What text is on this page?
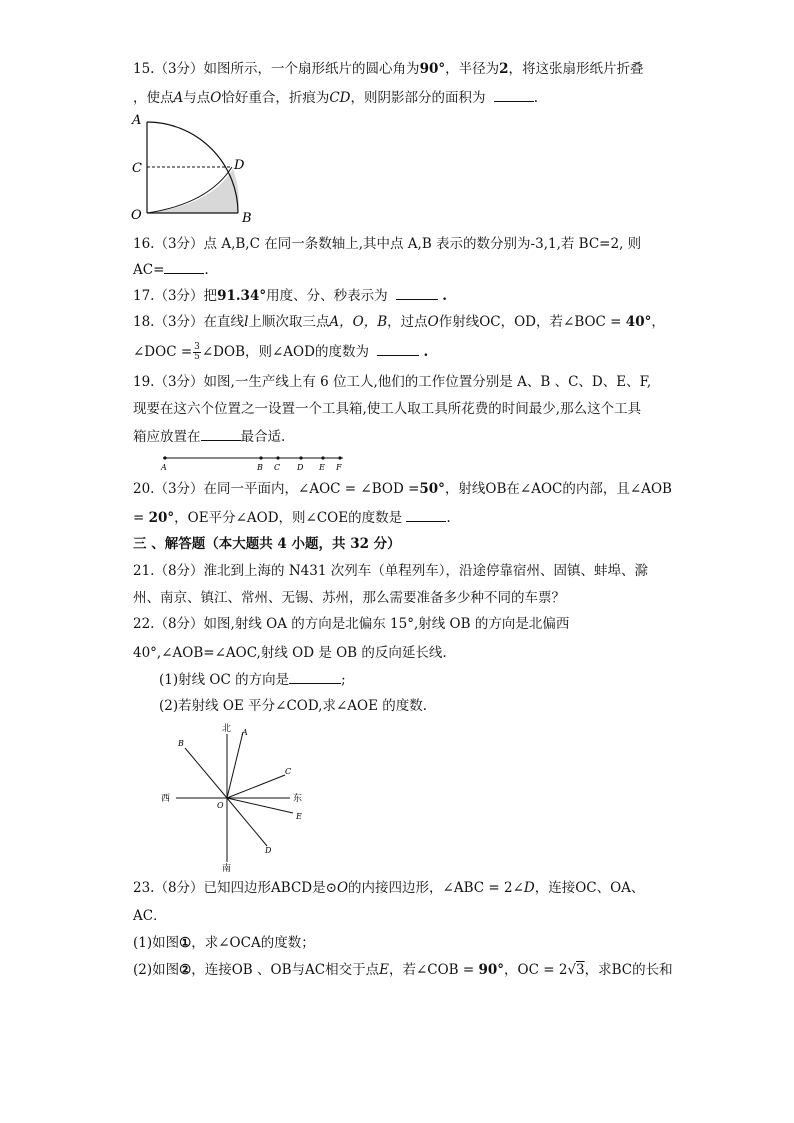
15.（3分）如图所示，一个扇形纸片的圆心角为90°，半径为2，将这张扇形纸片折叠
，使点A与点O恰好重合，折痕为CD，则阴影部分的面积为	.
A
C	D
O	B
16.（3分）点 A,B,C 在同一条数轴上,其中点 A,B 表示的数分别为-3,1,若 BC=2, 则
AC=	.
17.（3分）把91.34°用度、分、秒表示为	.
18.（3分）在直线l上顺次取三点A，O，B，过点O作射线OC，OD，若∠BOC = 40°，
∠DOC = $\frac{3}{5}$ ∠DOB，则∠AOD的度数为	.
19.（3分）如图,一生产线上有 6 位工人,他们的工作位置分别是 A、B 、C、D、E、F,
现要在这六个位置之一设置一个工具箱,使工人取工具所花费的时间最少,那么这个工具
箱应放置在	最合适.
A	B C D E F
20.（3分）在同一平面内，∠AOC = ∠BOD =50°，射线OB在∠AOC的内部，且∠AOB
= 20°，OE平分∠AOD，则∠COE的度数是	.
三 、解答题（本大题共 4 小题，共 32 分）
21.（8分）淮北到上海的 N431 次列车（单程列车），沿途停靠宿州、固镇、蚌埠、滁
州、南京、镇江、常州、无锡、苏州，那么需要准备多少种不同的车票？
22.（8分）如图,射线 OA 的方向是北偏东 15°,射线 OB 的方向是北偏西
40°,∠AOB=∠AOC,射线 OD 是 OB 的反向延长线.
(1)射线 OC 的方向是	;
(2)若射线 OE 平分∠COD,求∠AOE 的度数.
北
南
西	东
A
B
C
D
E
O
23.（8分）已知四边形ABCD是⊙O的内接四边形，∠ABC = 2∠D，连接OC、OA、
AC．
(1)如图①，求∠OCA的度数；
(2)如图②，连接OB 、OB与AC相交于点E，若∠COB = 90°，OC = 2√3，求BC的长和
